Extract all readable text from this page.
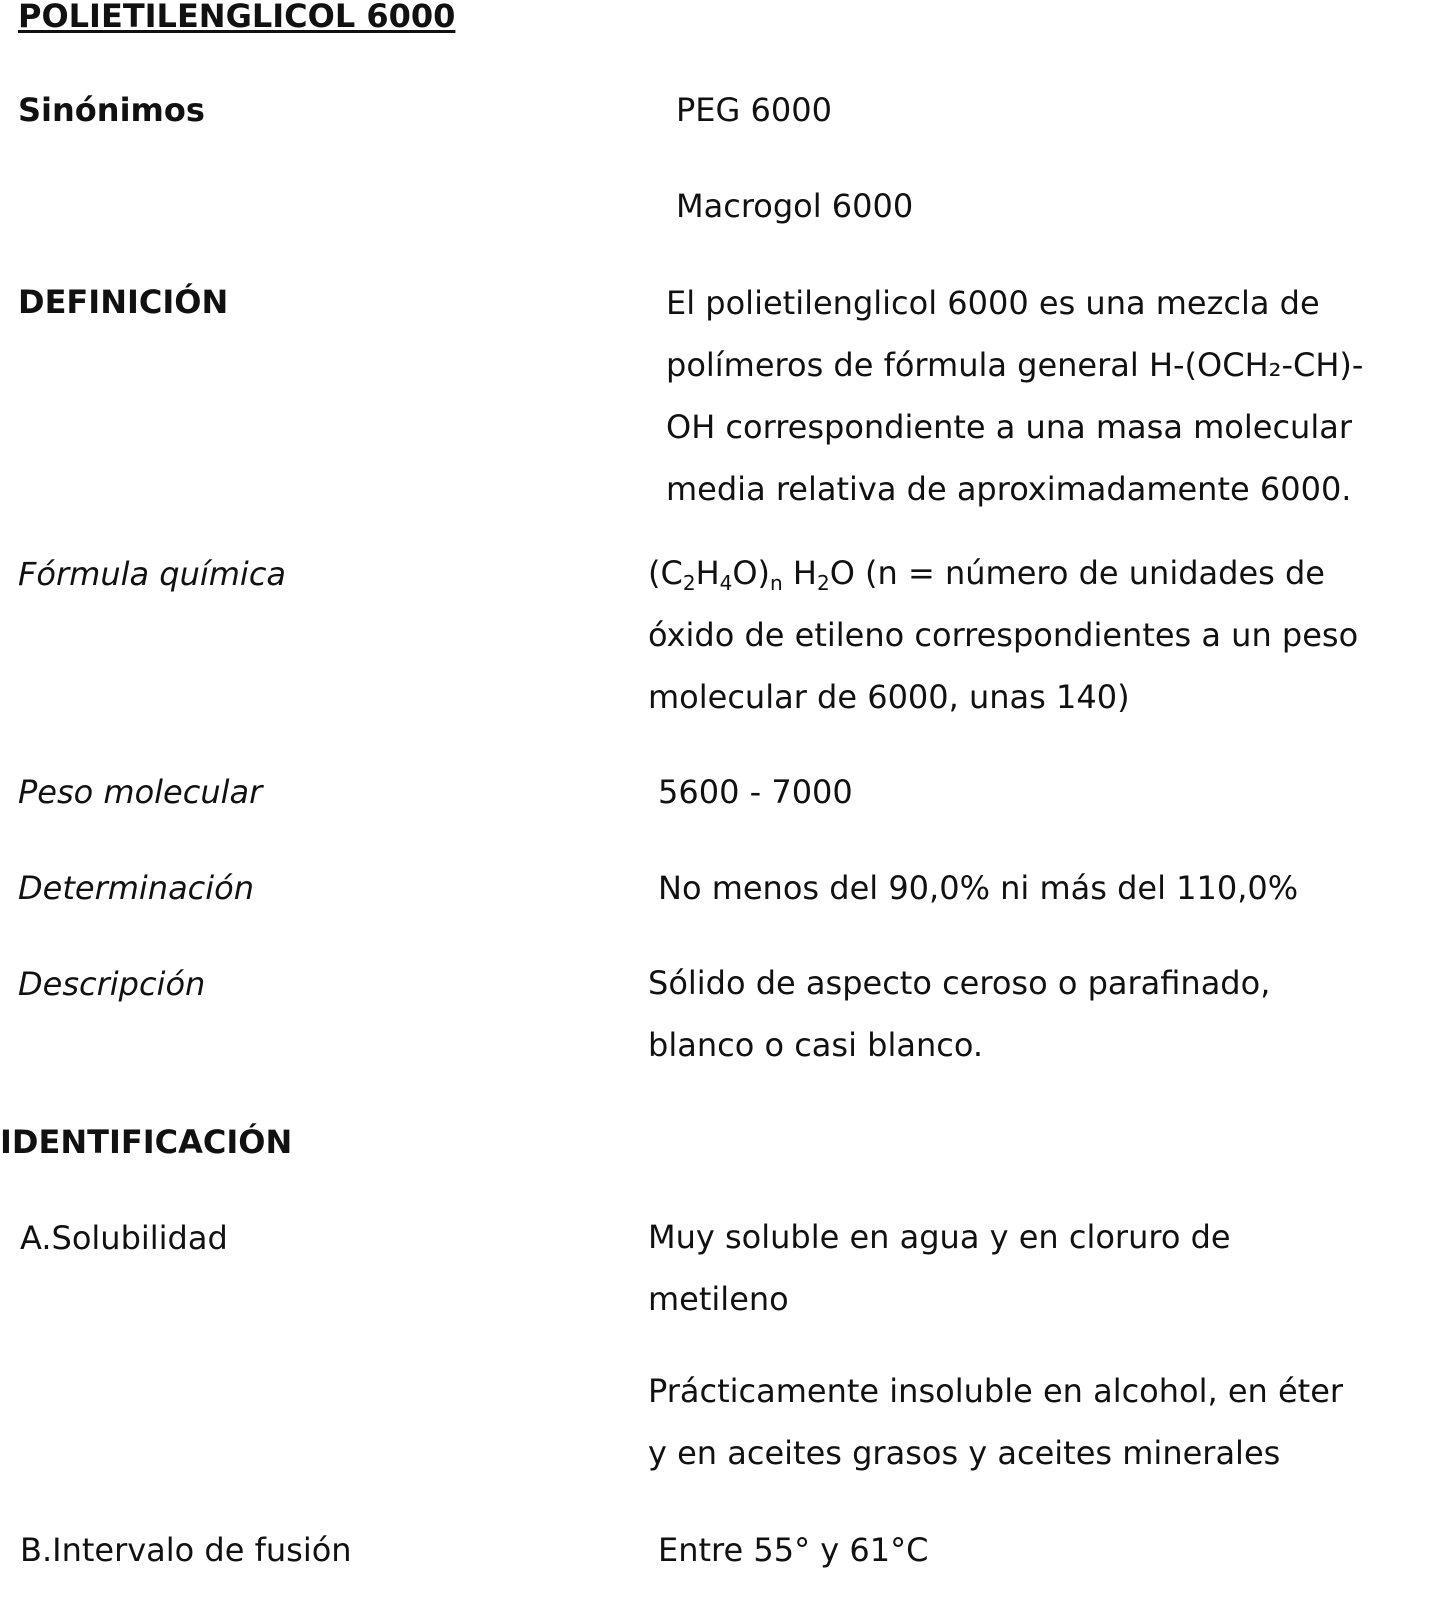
POLIETILENGLICOL 6000
Sinónimos	PEG 6000
Macrogol 6000
DEFINICIÓN	El polietilenglicol 6000 es una mezcla de
polímeros de fórmula general H-(OCH₂-CH)-
OH correspondiente a una masa molecular
media relativa de aproximadamente 6000.
Fórmula química	$(C_2H_4O)_n$ $H_2O$ (n = número de unidades de
óxido de etileno correspondientes a un peso
molecular de 6000, unas 140)
Peso molecular	5600 - 7000
Determinación	No menos del 90,0% ni más del 110,0%
Descripción	Sólido de aspecto ceroso o parafinado,
blanco o casi blanco.
IDENTIFICACIÓN
A.Solubilidad	Muy soluble en agua y en cloruro de
metileno
Prácticamente insoluble en alcohol, en éter
y en aceites grasos y aceites minerales
B.Intervalo de fusión	Entre 55° y 61°C
